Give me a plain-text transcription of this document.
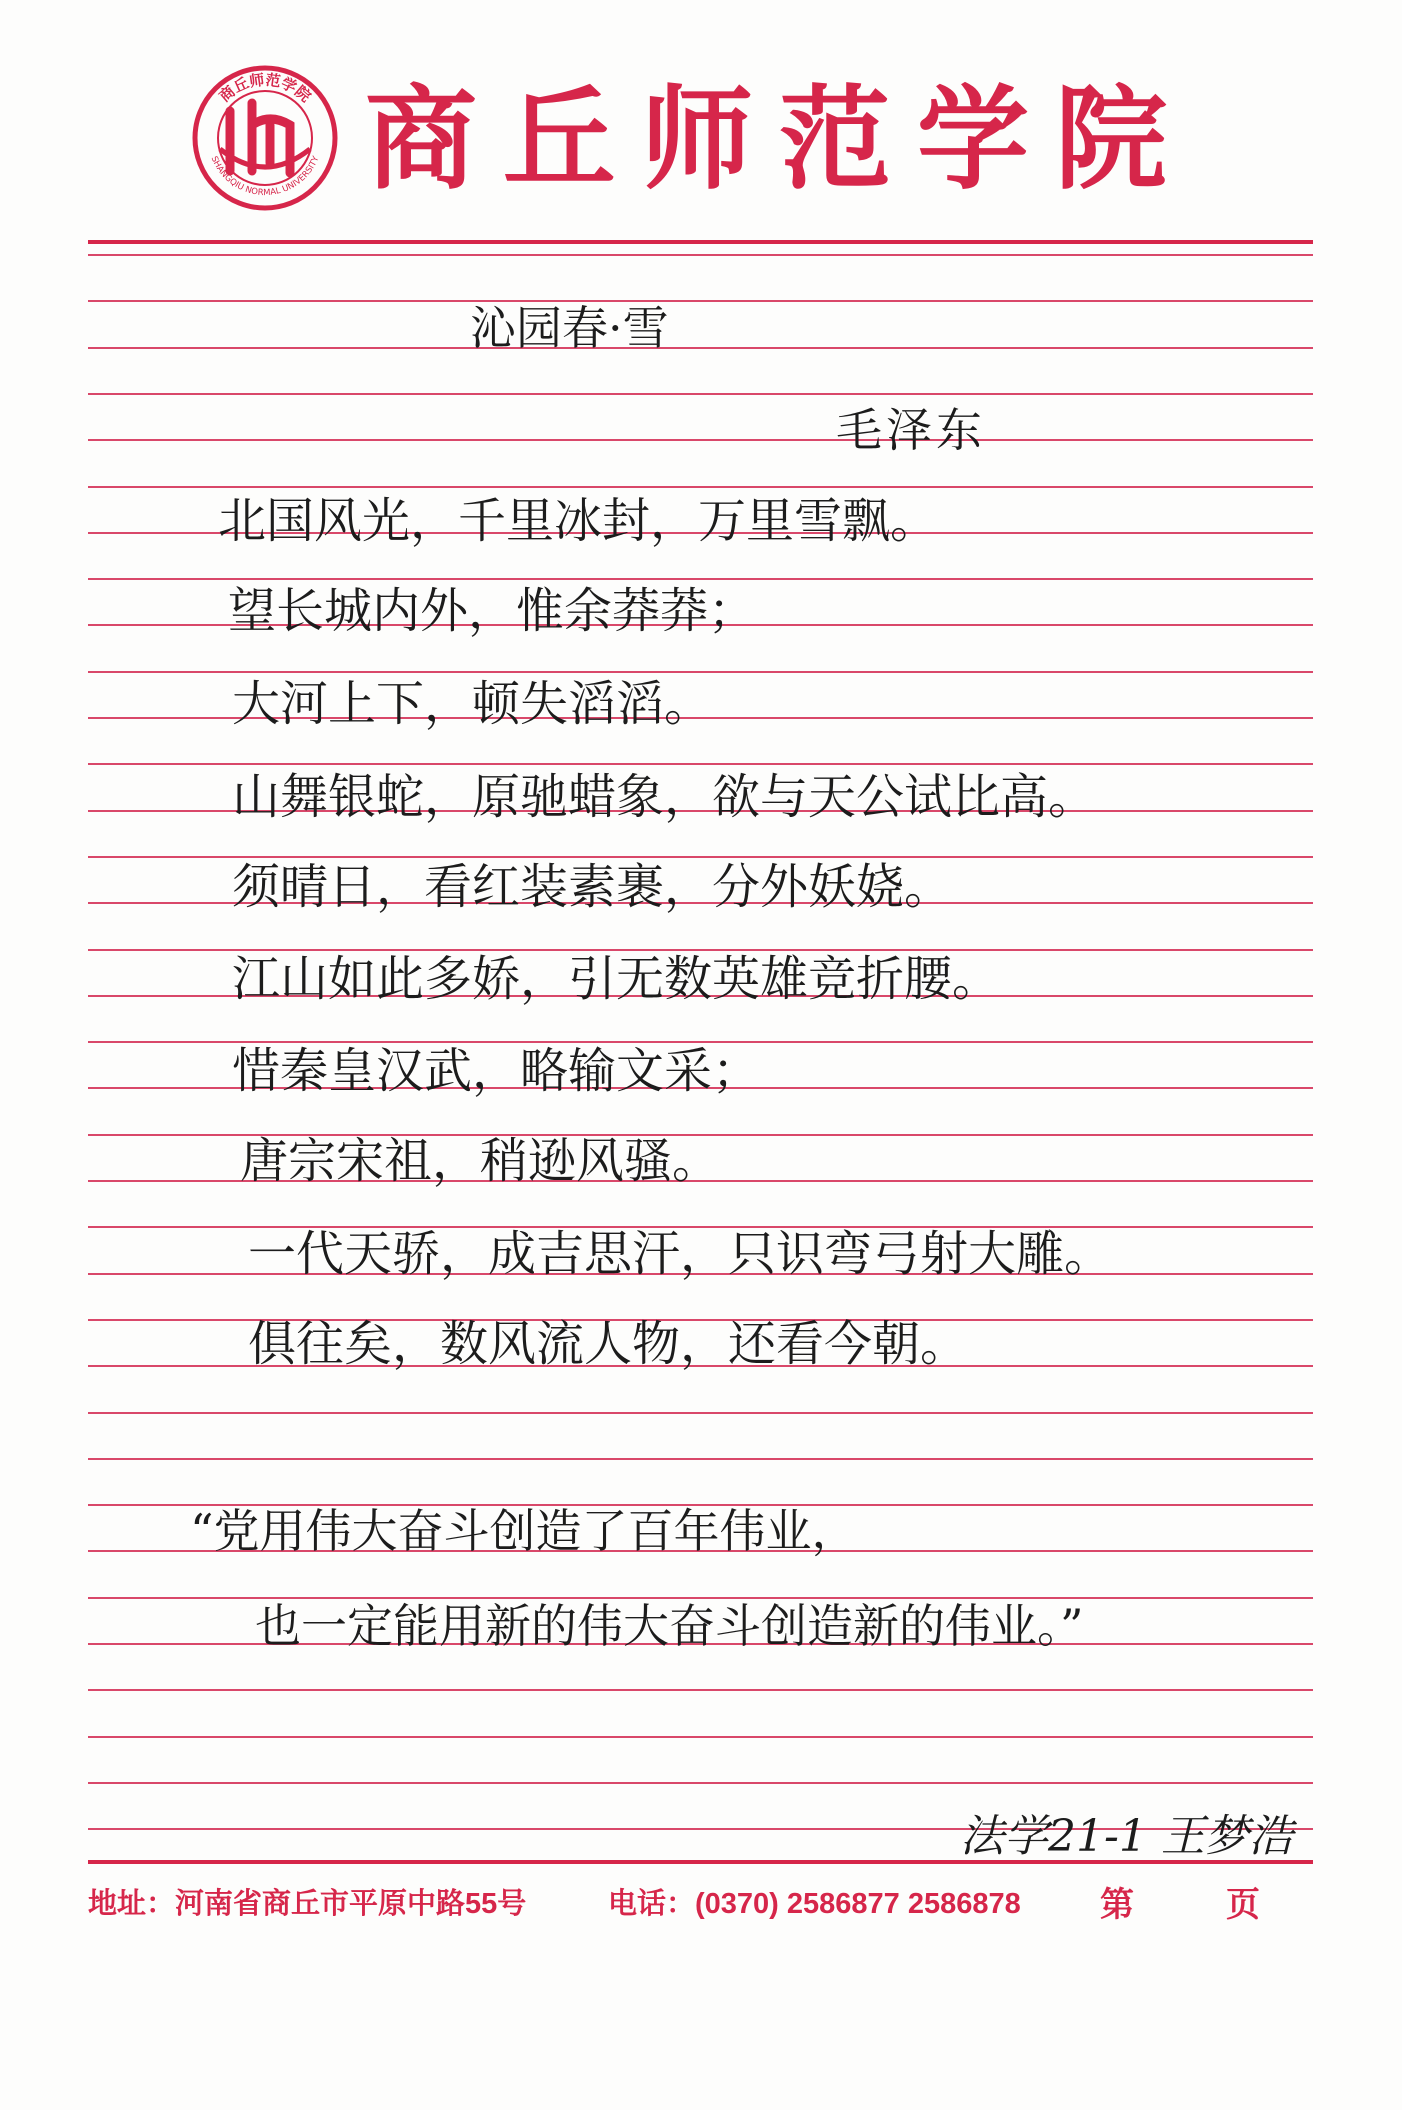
商丘师范学院
SHANGQIU NORMAL UNIVERSITY 商丘师范学院
沁园春·雪
毛泽东
北国风光，千里冰封，万里雪飘。
望长城内外，惟余莽莽；
大河上下，顿失滔滔。
山舞银蛇，原驰蜡象，欲与天公试比高。
须晴日，看红装素裹，分外妖娆。
江山如此多娇，引无数英雄竞折腰。
惜秦皇汉武，略输文采；
唐宗宋祖，稍逊风骚。
一代天骄，成吉思汗，只识弯弓射大雕。
俱往矣，数风流人物，还看今朝。
“党用伟大奋斗创造了百年伟业，
也一定能用新的伟大奋斗创造新的伟业。”
法学21-1 王梦浩
地址：河南省商丘市平原中路55号	电话：(0370) 2586877 2586878 第	页
